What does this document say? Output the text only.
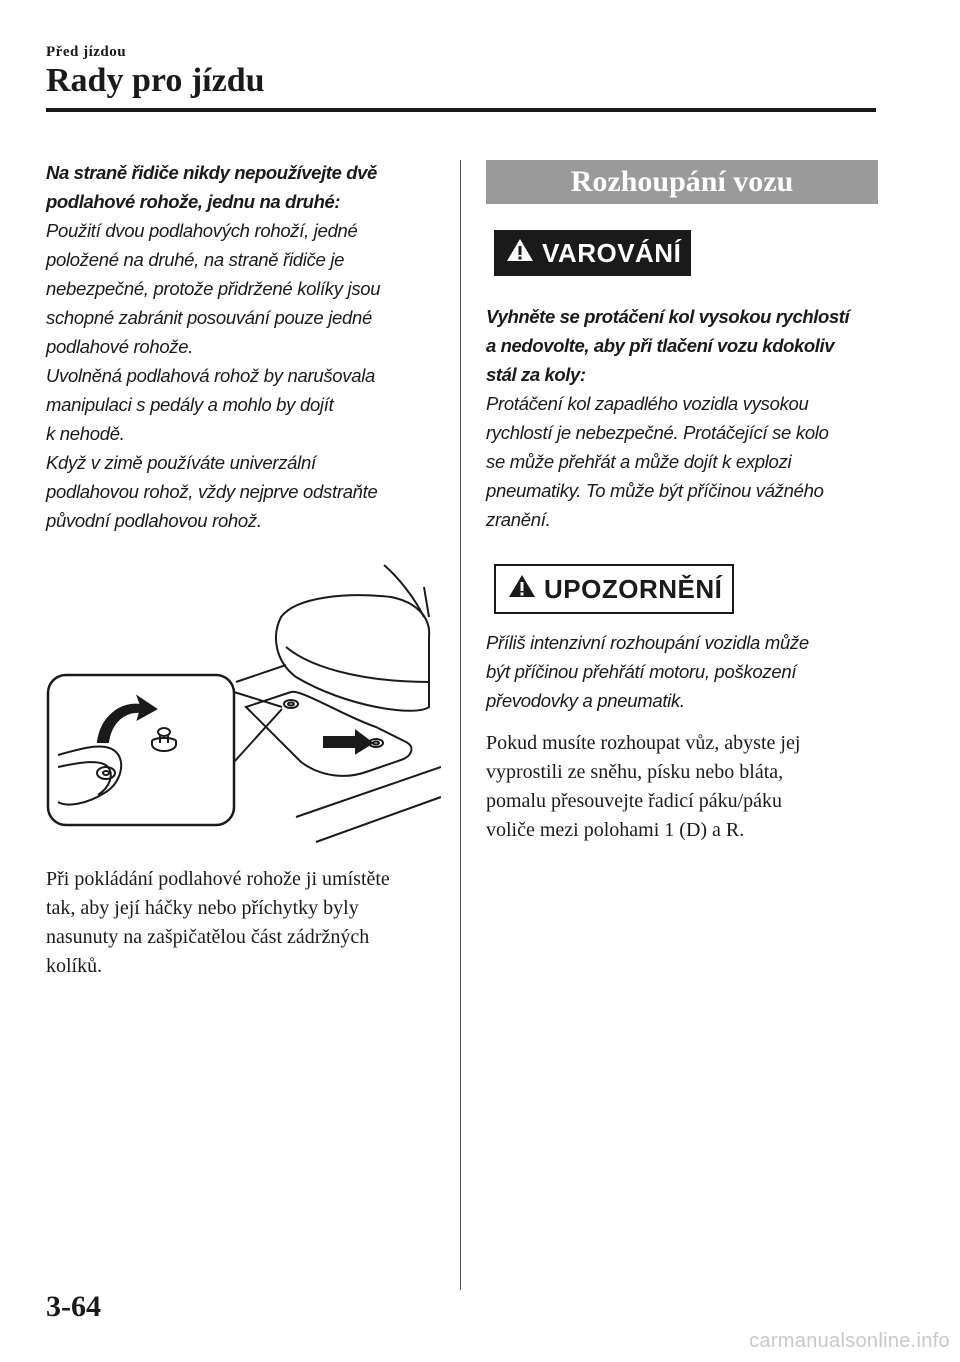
Před jízdou
Rady pro jízdu

Na straně řidiče nikdy nepoužívejte dvě

podlahové rohože, jednu na druhé:

Použití dvou podlahových rohoží, jedné

položené na druhé, na straně řidiče je

nebezpečné, protože přidržené kolíky jsou

schopné zabránit posouvání pouze jedné

podlahové rohože.

Uvolněná podlahová rohož by narušovala

manipulaci s pedály a mohlo by dojít

k nehodě.

Když v zimě používáte univerzální

podlahovou rohož, vždy nejprve odstraňte

původní podlahovou rohož.

Při pokládání podlahové rohože ji umístěte

tak, aby její háčky nebo příchytky byly

nasunuty na zašpičatělou část zádržných

kolíků.

Rozhoupání vozu
VAROVÁNÍ

Vyhněte se protáčení kol vysokou rychlostí

a nedovolte, aby při tlačení vozu kdokoliv

stál za koly:

Protáčení kol zapadlého vozidla vysokou

rychlostí je nebezpečné. Protáčející se kolo

se může přehřát a může dojít k explozi

pneumatiky. To může být příčinou vážného

zranění.

UPOZORNĚNÍ

Příliš intenzivní rozhoupání vozidla může

být příčinou přehřátí motoru, poškození

převodovky a pneumatik.

Pokud musíte rozhoupat vůz, abyste jej

vyprostili ze sněhu, písku nebo bláta,

pomalu přesouvejte řadicí páku/páku

voliče mezi polohami 1 (D) a R.

3-64
carmanualsonline.info
